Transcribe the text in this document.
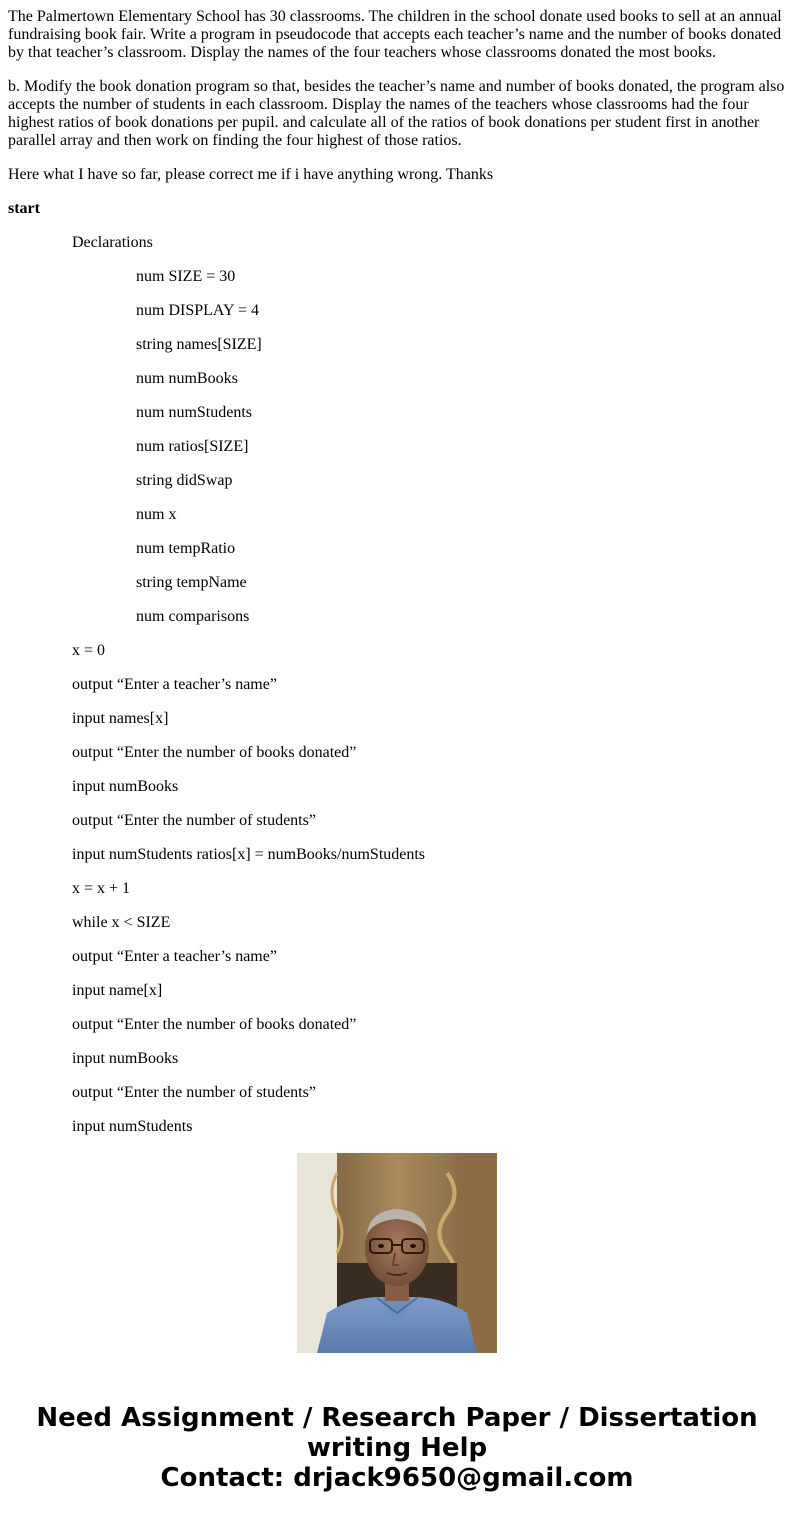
The Palmertown Elementary School has 30 classrooms. The children in the school donate used books to sell at an annual fundraising book fair. Write a program in pseudocode that accepts each teacher’s name and the number of books donated by that teacher’s classroom. Display the names of the four teachers whose classrooms donated the most books.

b. Modify the book donation program so that, besides the teacher’s name and number of books donated, the program also accepts the number of students in each classroom. Display the names of the teachers whose classrooms had the four highest ratios of book donations per pupil. and calculate all of the ratios of book donations per student first in another parallel array and then work on finding the four highest of those ratios.

Here what I have so far, please correct me if i have anything wrong. Thanks

start
Declarations
num SIZE = 30
num DISPLAY = 4
string names[SIZE]
num numBooks
num numStudents
num ratios[SIZE]
string didSwap
num x
num tempRatio
string tempName
num comparisons
x = 0
output “Enter a teacher’s name”
input names[x]
output “Enter the number of books donated”
input numBooks
output “Enter the number of students”
input numStudents ratios[x] = numBooks/numStudents
x = x + 1
while x < SIZE
output “Enter a teacher’s name”
input name[x]
output “Enter the number of books donated”
input numBooks
output “Enter the number of students”
input numStudents
Need Assignment / Research Paper / Dissertation
writing Help
Contact: drjack9650@gmail.com
